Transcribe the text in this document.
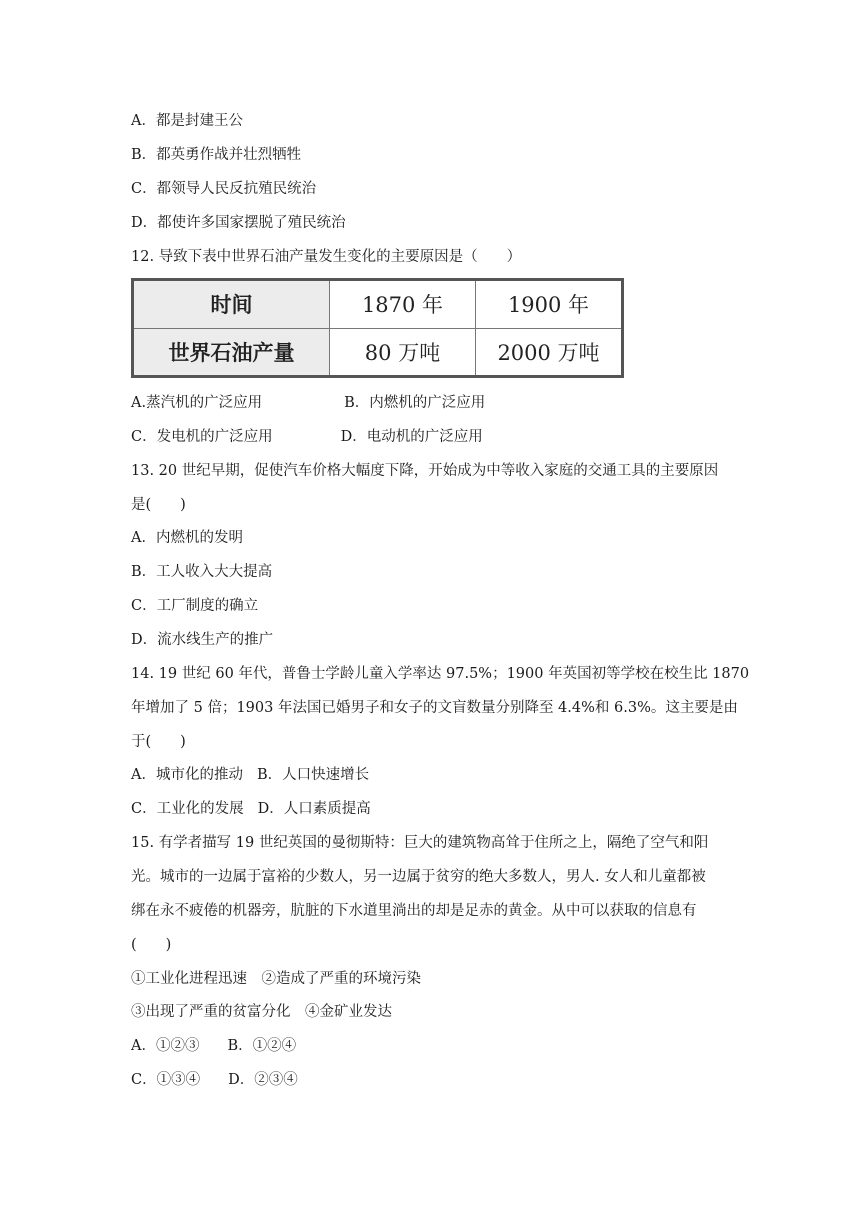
A．都是封建王公
B．都英勇作战并壮烈牺牲
C．都领导人民反抗殖民统治
D．都使许多国家摆脱了殖民统治
12. 导致下表中世界石油产量发生变化的主要原因是（　　）
时间	1870 年	1900 年
世界石油产量	80 万吨	2000 万吨
A.蒸汽机的广泛应用	B．内燃机的广泛应用
C．发电机的广泛应用	D．电动机的广泛应用
13. 20 世纪早期，促使汽车价格大幅度下降，开始成为中等收入家庭的交通工具的主要原因
是(　　)
A．内燃机的发明
B．工人收入大大提高
C．工厂制度的确立
D．流水线生产的推广
14. 19 世纪 60 年代，普鲁士学龄儿童入学率达 97.5%；1900 年英国初等学校在校生比 1870
年增加了 5 倍；1903 年法国已婚男子和女子的文盲数量分别降至 4.4%和 6.3%。这主要是由
于(　　)
A．城市化的推动 B．人口快速增长
C．工业化的发展 D．人口素质提高
15. 有学者描写 19 世纪英国的曼彻斯特：巨大的建筑物高耸于住所之上，隔绝了空气和阳
光。城市的一边属于富裕的少数人，另一边属于贫穷的绝大多数人，男人. 女人和儿童都被
绑在永不疲倦的机器旁，肮脏的下水道里淌出的却是足赤的黄金。从中可以获取的信息有
(　　)
①工业化进程迅速　②造成了严重的环境污染
③出现了严重的贫富分化　④金矿业发达
A．①②③ B．①②④
C．①③④ D．②③④
